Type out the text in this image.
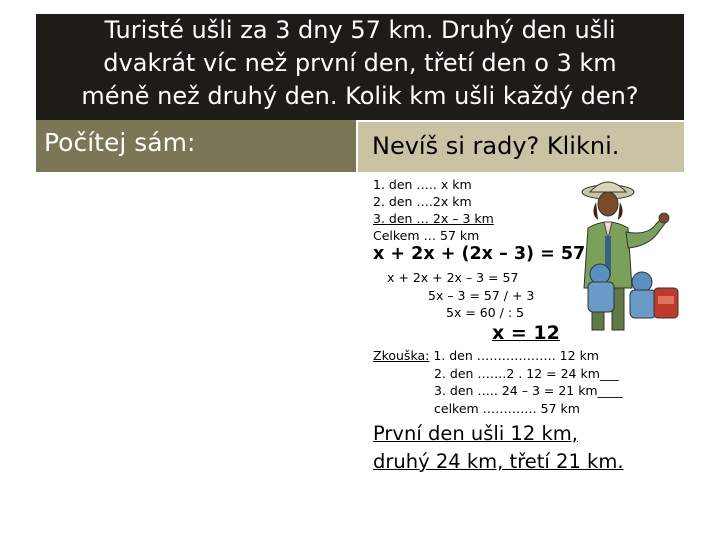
Turisté ušli za 3 dny 57 km. Druhý den ušli
dvakrát víc než první den, třetí den o 3 km
méně než druhý den. Kolik km ušli každý den?
Počítej sám:	Nevíš si rady? Klikni.
1. den ….. x km
2. den ….2x km
3. den … 2x – 3 km
Celkem … 57 km
x + 2x + (2x – 3) = 57
x + 2x + 2x – 3 = 57
5x – 3 = 57 / + 3
5x = 60 / : 5
x = 12
Zkouška: 1. den ………………. 12 km
2. den …….2 . 12 = 24 km___
3. den ….. 24 – 3 = 21 km____
celkem …………. 57 km
První den ušli 12 km,
druhý 24 km, třetí 21 km.
